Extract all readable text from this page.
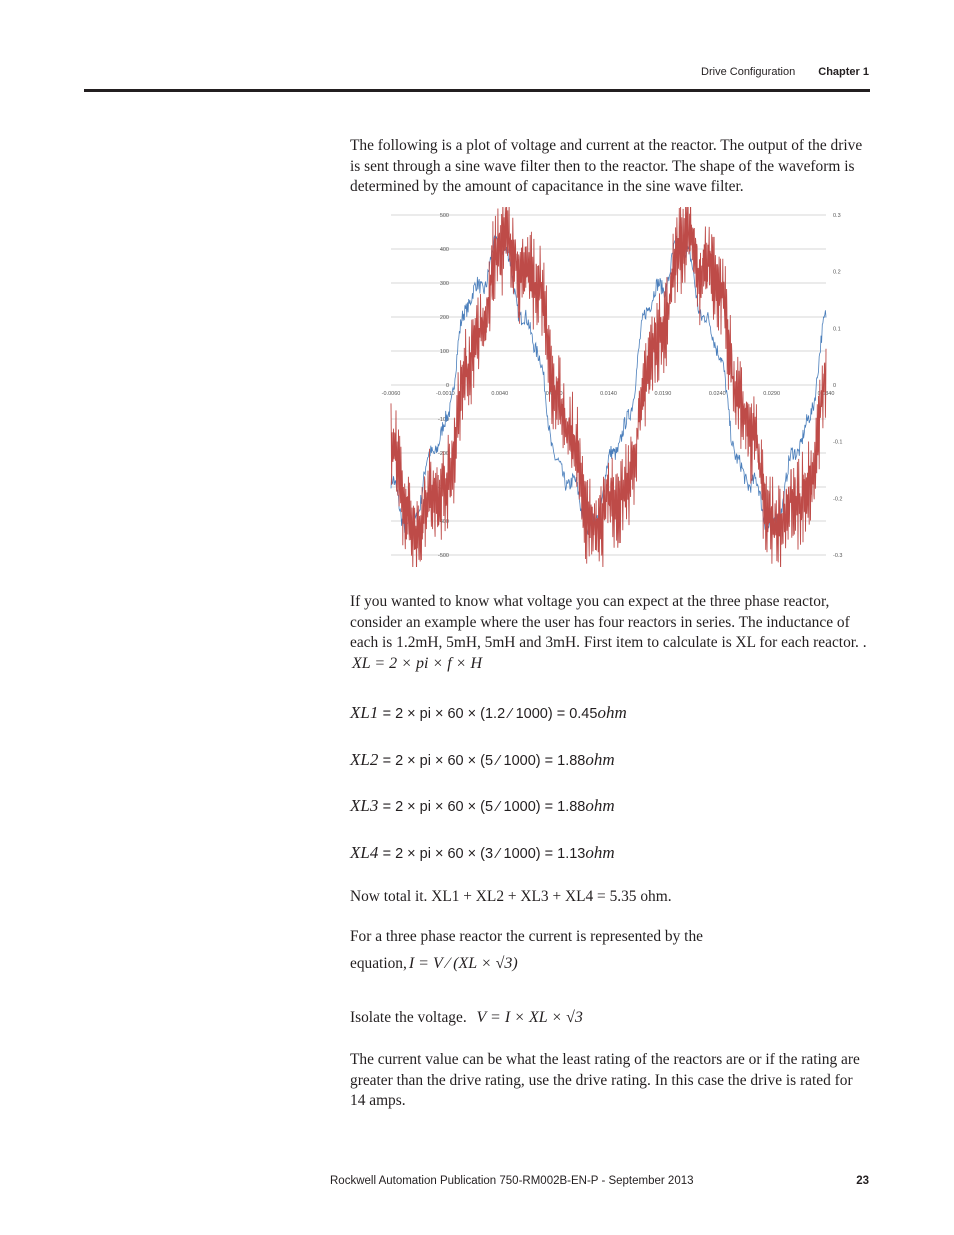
Drive Configuration Chapter 1

The following is a plot of voltage and current at the reactor. The output of the drive is sent through a sine wave filter then to the reactor. The shape of the waveform is determined by the amount of capacitance in the sine wave filter.

500
400
300
200
100
0
-100
-200
-300
-400
-500
0.3
0.2
0.1
0
-0.1
-0.2
-0.3
-0.0060	-0.0010	0.0040	0.0090	0.0140	0.0190	0.0240	0.0290	0.0340

If you wanted to know what voltage you can expect at the three phase reactor, consider an example where the user has four reactors in series. The inductance of each is 1.2mH, 5mH, 5mH and 3mH. First item to calculate is XL for each reactor. . XL = 2 × pi × f × H

XL1 = 2 × pi × 60 × (1.2 ⁄ 1000) = 0.45ohm
XL2 = 2 × pi × 60 × (5 ⁄ 1000) = 1.88ohm
XL3 = 2 × pi × 60 × (5 ⁄ 1000) = 1.88ohm
XL4 = 2 × pi × 60 × (3 ⁄ 1000) = 1.13ohm

Now total it. XL1 + XL2 + XL3 + XL4 = 5.35 ohm.

For a three phase reactor the current is represented by the
equation, I = V ⁄ (XL × √3)

Isolate the voltage. V = I × XL × √3

The current value can be what the least rating of the reactors are or if the rating are greater than the drive rating, use the drive rating. In this case the drive is rated for 14 amps.

Rockwell Automation Publication 750-RM002B-EN-P - September 2013	23
